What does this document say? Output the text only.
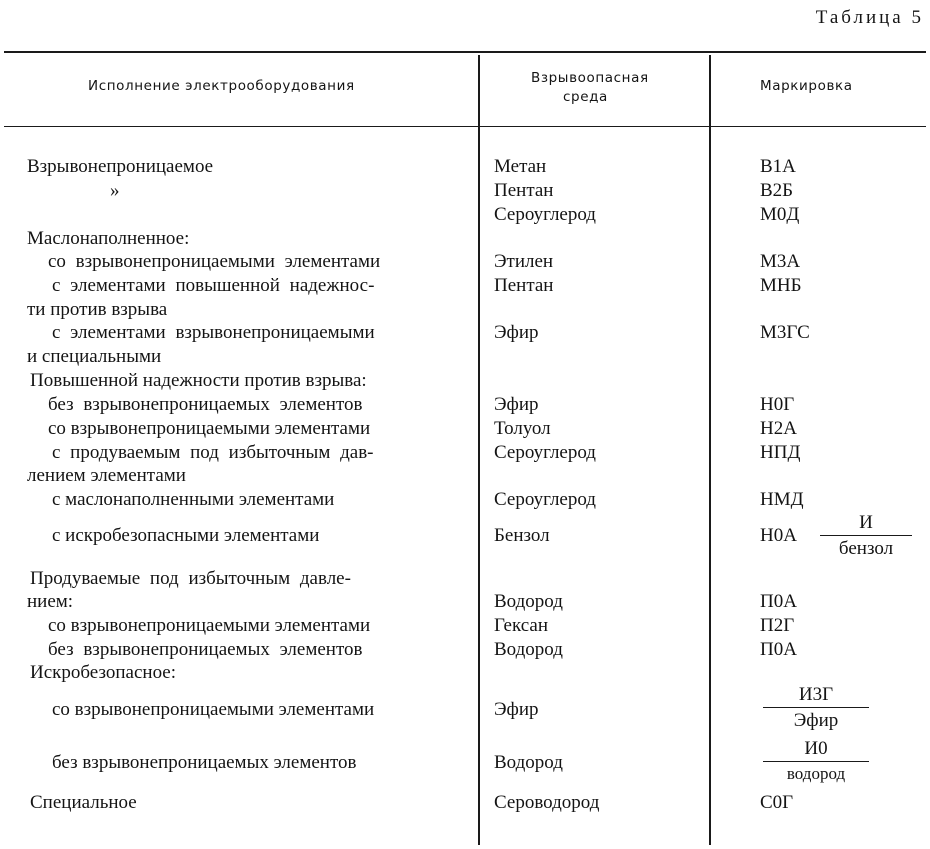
Таблица 5
Исполнение электрооборудования	Взрывоопасная
среда
Маркировка
Взрывонепроницаемое
»
Маслонаполненное:
со взрывонепроницаемыми элементами
с элементами повышенной надежнос-
ти против взрыва
с элементами взрывонепроницаемыми
и специальными
Повышенной надежности против взрыва:
без взрывонепроницаемых элементов
со взрывонепроницаемыми элементами
с продуваемым под избыточным дав-
лением элементами
с маслонаполненными элементами
с искробезопасными элементами
Продуваемые под избыточным давле-
нием:
со взрывонепроницаемыми элементами
без взрывонепроницаемых элементов
Искробезопасное:
со взрывонепроницаемыми элементами
без взрывонепроницаемых элементов
Специальное
Метан
Пентан
Сероуглерод
Этилен
Пентан
Эфир
Эфир
Толуол
Сероуглерод
Сероуглерод
Бензол
Водород
Гексан
Водород
Эфир
Водород
Сероводород
В1А
В2Б
М0Д
М3А
МНБ
М3ГС
Н0Г
Н2А
НПД
НМД
Н0А
П0А
П2Г
П0А
С0Г
И
бензол
И3Г
Эфир
И0
водород
